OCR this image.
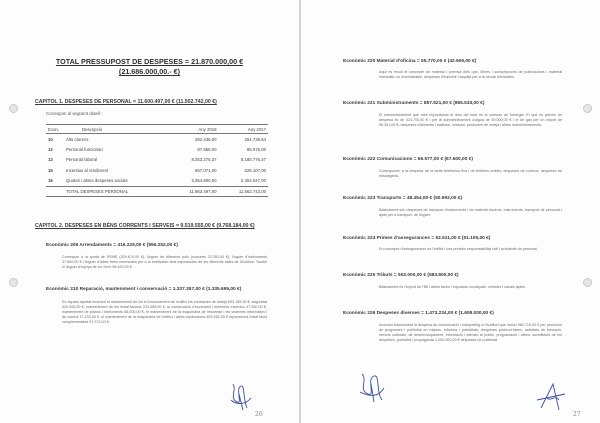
TOTAL PRESSUPOST DE DESPESES = 21.870.000,00 €
(21.686.000,00.- €)
CAPITOL 1. DESPESES DE PERSONAL = 11.600.497,00 € (11.502.742,00 €)
Correspon al següent detall :
Econ.	Descripció	Any 2018	Any 2017
10	Alts càrrecs	282.436,00	264.738,54
12	Personal funcionari	87.855,00	85.576,00
13	Personal laboral	8.253.275,37	8.180.776,47
15	Incentius al rendiment	657.071,00	625.107,00
16	Quotes i altres despeses socials	2.354.800,00	2.404.547,00
	TOTAL DESPESES PERSONAL	11.663.497,00	11.562.742,00
CAPITOL 2. DESPESES EN BÉNS CORRENTS I SERVEIS = 9.519.555,00 € (9.768.184,00 €)
Econòmic 206 Arrendaments = 416.229,00 € (556.252,00 €)
Correspon a la quota de RSME (200.674,00 €), lloguer de diferents pols (concerts 22.392,00 €), lloguer d'instruments 37.600,00 € i lloguer d'altres béns necessaris per a la realització dels espectacles de les diferents sales de l'Auditori. També el lloguer d'equips de so i llum 98.463,00 €.
Econòmic 210 Reparació, manteniment i conservació = 1.337.357,00 € (1.335.695,00 €)
En aquest apartat inclouen el manteniment de tot el funcionament de l'edifici els contractes de neteja 653.189,00 €, seguretat 420.000,00 €, manteniment de les instal·lacions 224.458,00 €, la conservació d'escenaris i elements escènics 47.500,00 €, manteniment de pianos i instruments 68.000,00 €, el manteniment de la maquinària de l'escenari i els sistemes informàtics i de control 17.233,00 €, el manteniment de la maquinària de l'edifici i altres reparacions 453.482,00 € reparacions instal·lació complementària 97.372,00 €.
26
Econòmic 220 Material d'oficina = 55.770,00 € (42.509,00 €)
Aquí es recull el concepte de material i premsa dels que, llibres i subscripcions de publicacions i material informàtic no inventariable, despeses d'imprimir i taquilla per a la venda d'entrades.
Econòmic 221 Subministraments = 857.521,00 € (855.533,00 €)
El subministrament que més importància té dins del total és el consum de l'energia. El que es preveu de despesa és de 424.700,00 € i per al subministrament d'aigua de 59.000,00 € i el de gas per un import de 58.351,00 €; despeses d'aliments i material, vestuari, productes de neteja i altres subministraments.
Econòmic 222 Comunicacions = 66.577,00 € (67.600,00 €)
Corresponen a la despesa de la tarifa telefònica fixa i de telèfons mòbils, despeses de correus, despeses de missatgeria.
Econòmic 223 Transports = 48.454,00 € (50.992,00 €)
Bàsicament són despeses de transport d'instruments i de material escènic, instruments, transport de personal i ajuts per a transport, de lloguer.
Econòmic 224 Primes d'assegurances = 52.511,00 € (51.105,00 €)
En concepte d'assegurances de l'edifici i una previsió responsabilitat civil i accidents de personal.
Econòmic 225 Tributs = 502.000,00 € (583.600,00 €)
Bàsicament és l'import de l'IBI i altres taxes i impostos municipals, vehicles i canals aptes.
Econòmic 226 Despeses diverses = 1.473.234,00 € (1.608.000,00 €)
Inclouen bàsicament la despesa de comunicació i màrqueting a l'Auditori que inclou 982.719,00 € per promoció de programes i publicitat en mitjans, edicions i publicitats, despeses protocol·làries, activitats de formació, serveis culturals, de desenvolupament, informació i atenció al públic, programació i altres, acreditació de les despeses, publicitat i propaganda 1.200.000,00 € despeses de publicitat.
27
